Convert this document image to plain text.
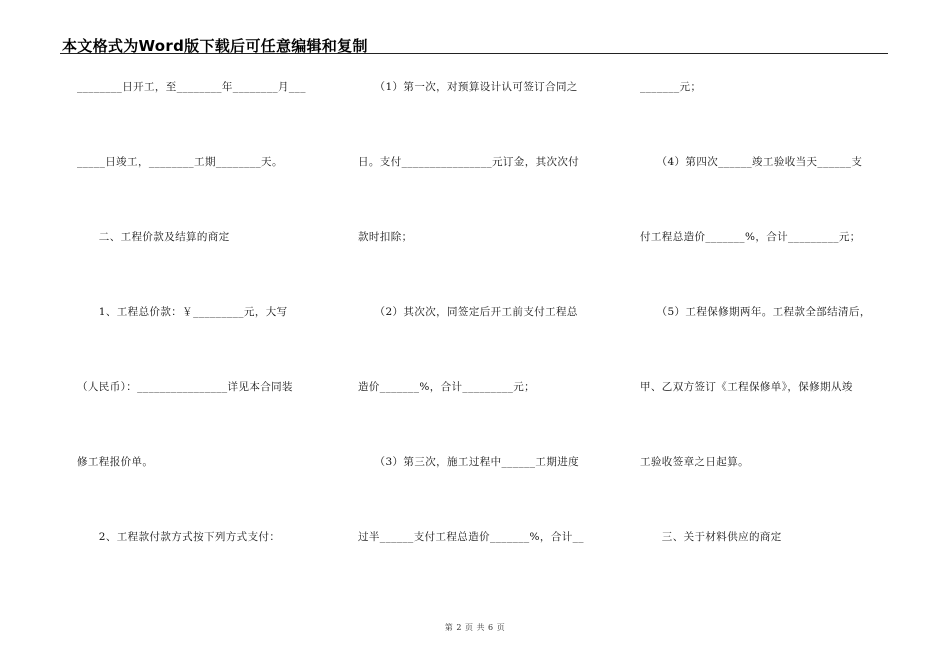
本文格式为Word版下载后可任意编辑和复制
________日开工，至________年________月___
_____日竣工，________工期________天。
　　二、工程价款及结算的商定
　　1、工程总价款：￥_________元，大写
（人民币）：________________详见本合同装
修工程报价单。
　　2、工程款付款方式按下列方式支付：
　　（1）第一次，对预算设计认可签订合同之
日。支付________________元订金，其次次付
款时扣除；
　　（2）其次次，同签定后开工前支付工程总
造价_______%，合计_________元；
　　（3）第三次，施工过程中______工期进度
过半______支付工程总造价_______%，合计__
_______元；
　　（4）第四次______竣工验收当天______支
付工程总造价_______%，合计_________元；
　　（5）工程保修期两年。工程款全部结清后，
甲、乙双方签订《工程保修单》，保修期从竣
工验收签章之日起算。
　　三、关于材料供应的商定
第 2 页 共 6 页
